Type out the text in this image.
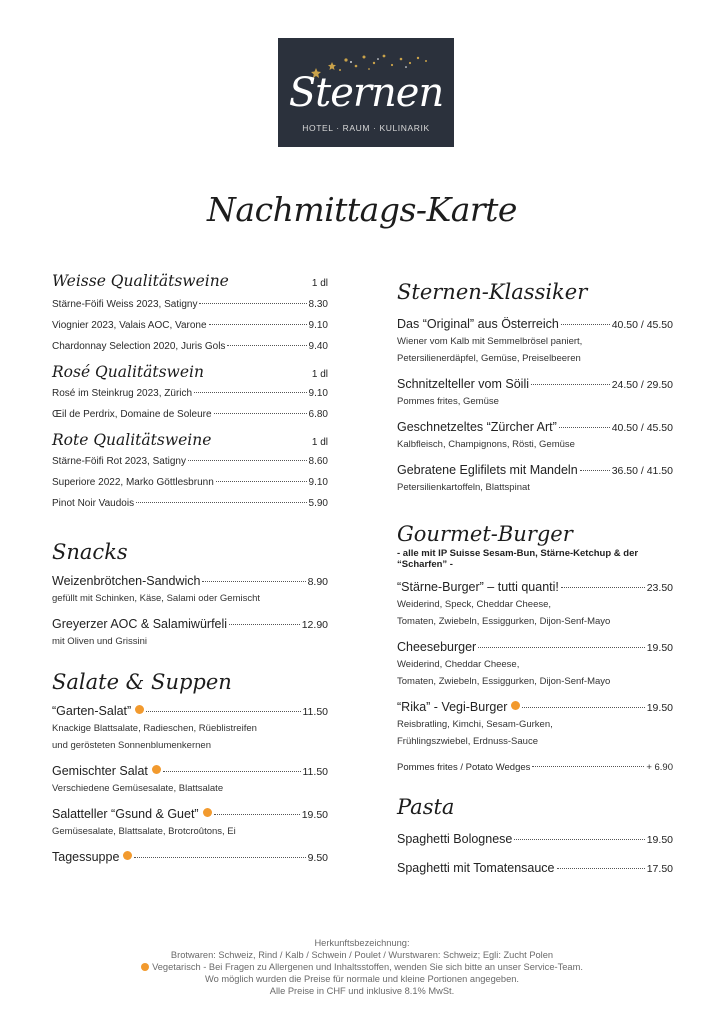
Sternen
HOTEL · RAUM · KULINARIK
Nachmittags-Karte
Weisse Qualitätsweine	1 dl
Stärne-Föifi Weiss 2023, Satigny	8.30
Viognier 2023, Valais AOC, Varone	9.10
Chardonnay Selection 2020, Juris Gols	9.40
Rosé Qualitätswein	1 dl
Rosé im Steinkrug 2023, Zürich	9.10
Œil de Perdrix, Domaine de Soleure	6.80
Rote Qualitätsweine	1 dl
Stärne-Föifi Rot 2023, Satigny	8.60
Superiore 2022, Marko Göttlesbrunn	9.10
Pinot Noir Vaudois	5.90
Snacks
Weizenbrötchen-Sandwich	8.90
gefüllt mit Schinken, Käse, Salami oder Gemischt
Greyerzer AOC & Salamiwürfeli	12.90
mit Oliven und Grissini
Salate & Suppen
“Garten-Salat”	11.50
Knackige Blattsalate, Radieschen, Rüeblistreifen
und gerösteten Sonnenblumenkernen
Gemischter Salat	11.50
Verschiedene Gemüsesalate, Blattsalate
Salatteller “Gsund & Guet”	19.50
Gemüsesalate, Blattsalate, Brotcroûtons, Ei
Tagessuppe	9.50
Sternen-Klassiker
Das “Original” aus Österreich	40.50 / 45.50
Wiener vom Kalb mit Semmelbrösel paniert,
Petersilienerdäpfel, Gemüse, Preiselbeeren
Schnitzelteller vom Söili	24.50 / 29.50
Pommes frites, Gemüse
Geschnetzeltes “Zürcher Art”	40.50 / 45.50
Kalbfleisch, Champignons, Rösti, Gemüse
Gebratene Eglifilets mit Mandeln	36.50 / 41.50
Petersilienkartoffeln, Blattspinat
Gourmet-Burger
- alle mit IP Suisse Sesam-Bun, Stärne-Ketchup & der “Scharfen” -
“Stärne-Burger” – tutti quanti!	23.50
Weiderind, Speck, Cheddar Cheese,
Tomaten, Zwiebeln, Essiggurken, Dijon-Senf-Mayo
Cheeseburger	19.50
Weiderind, Cheddar Cheese,
Tomaten, Zwiebeln, Essiggurken, Dijon-Senf-Mayo
“Rika” - Vegi-Burger	19.50
Reisbratling, Kimchi, Sesam-Gurken,
Frühlingszwiebel, Erdnuss-Sauce
Pommes frites / Potato Wedges	+ 6.90
Pasta
Spaghetti Bolognese	19.50
Spaghetti mit Tomatensauce	17.50
Herkunftsbezeichnung:
Brotwaren: Schweiz, Rind / Kalb / Schwein / Poulet / Wurstwaren: Schweiz; Egli: Zucht Polen
Vegetarisch - Bei Fragen zu Allergenen und Inhaltsstoffen, wenden Sie sich bitte an unser Service-Team.
Wo möglich wurden die Preise für normale und kleine Portionen angegeben.
Alle Preise in CHF und inklusive 8.1% MwSt.
